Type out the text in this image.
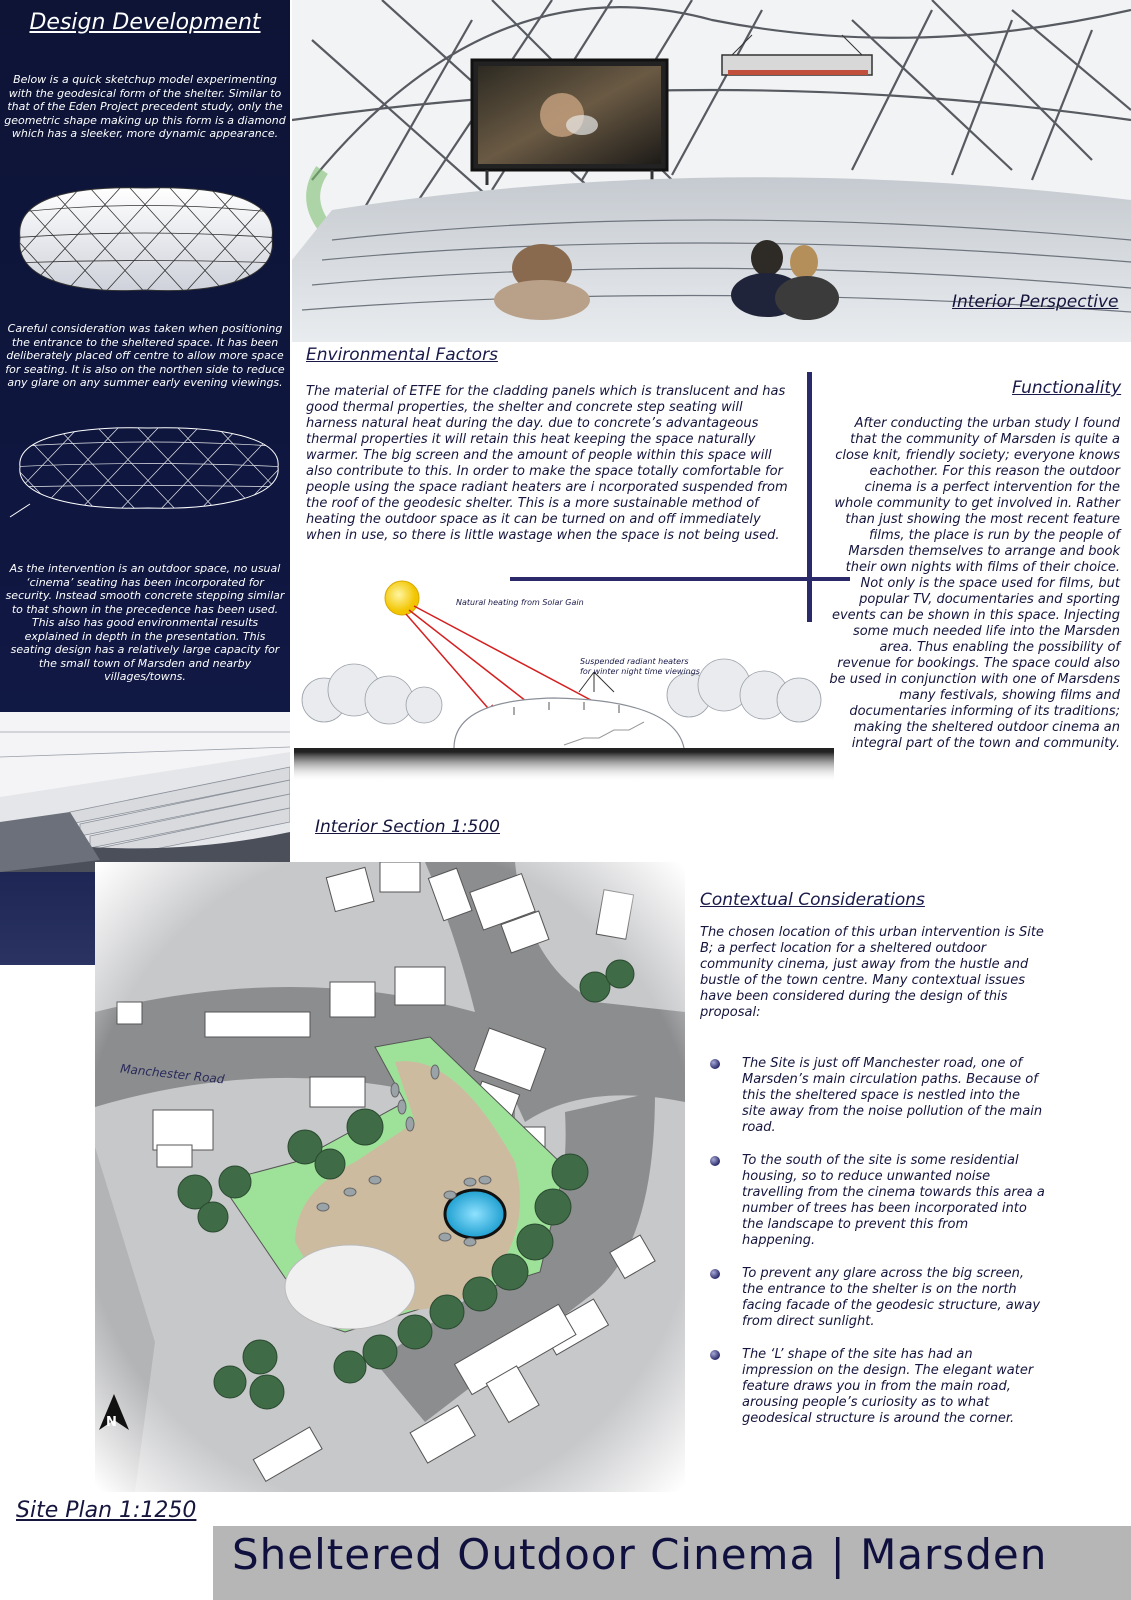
Design Development
Below is a quick sketchup model experimenting with the geodesical form of the shelter. Similar to that of the Eden Project precedent study, only the geometric shape making up this form is a diamond which has a sleeker, more dynamic appearance.
Careful consideration was taken when positioning the entrance to the sheltered space. It has been deliberately placed off centre to allow more space for seating. It is also on the northen side to reduce any glare on any summer early evening viewings.
As the intervention is an outdoor space, no usual ‘cinema’ seating has been incorporated for security. Instead smooth concrete stepping similar to that shown in the precedence has been used. This also has good environmental results explained in depth in the presentation. This seating design has a relatively large capacity for the small town of Marsden and nearby villages/towns.
Interior Perspective
Environmental Factors
The material of ETFE for the cladding panels which is translucent and has good thermal properties, the shelter and concrete step seating will harness natural heat during the day. due to concrete’s advantageous thermal properties it will retain this heat keeping the space naturally warmer. The big screen and the amount of people within this space will also contribute to this. In order to make the space totally comfortable for people using the space radiant heaters are i ncorporated suspended from the roof of the geodesic shelter. This is a more sustainable method of heating the outdoor space as it can be turned on and off immediately when in use, so there is little wastage when the space is not being used.
Natural heating from Solar Gain
Suspended radiant heaters
for winter night time viewings
Interior Section 1:500
Functionality
After conducting the urban study I found that the community of Marsden is quite a close knit, friendly society; everyone knows eachother. For this reason the outdoor cinema is a perfect intervention for the whole community to get involved in. Rather than just showing the most recent feature films, the place is run by the people of Marsden themselves to arrange and book their own nights with films of their choice. Not only is the space used for films, but popular TV, documentaries and sporting events can be shown in this space. Injecting some much needed life into the Marsden area. Thus enabling the possibility of revenue for bookings. The space could also be used in conjunction with one of Marsdens many festivals, showing films and documentaries informing of its traditions; making the sheltered outdoor cinema an integral part of the town and community.
Manchester Road
N
Site Plan 1:1250
Contextual Considerations
The chosen location of this urban intervention is Site B; a perfect location for a sheltered outdoor community cinema, just away from the hustle and bustle of the town centre. Many contextual issues have been considered during the design of this proposal:
The Site is just off Manchester road, one of Marsden’s main circulation paths. Because of this the sheltered space is nestled into the site away from the noise pollution of the main road.
To the south of the site is some residential housing, so to reduce unwanted noise travelling from the cinema towards this area a number of trees has been incorporated into the landscape to prevent this from happening.
To prevent any glare across the big screen, the entrance to the shelter is on the north facing facade of the geodesic structure, away from direct sunlight.
The ‘L’ shape of the site has had an impression on the design. The elegant water feature draws you in from the main road, arousing people’s curiosity as to what geodesical structure is around the corner.
Sheltered Outdoor Cinema | Marsden
